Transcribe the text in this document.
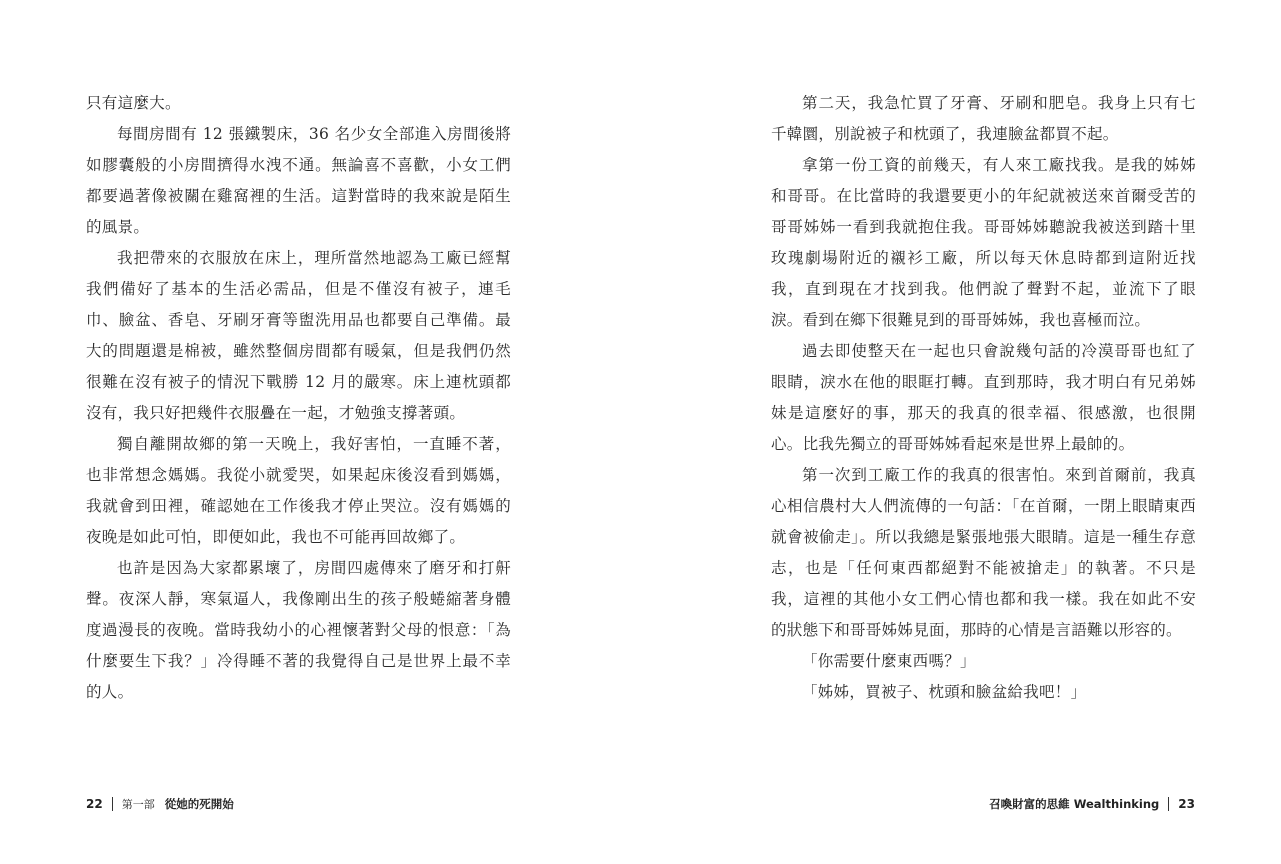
只有這麼大。

每間房間有 12 張鐵製床，36 名少女全部進入房間後將如膠囊般的小房間擠得水洩不通。無論喜不喜歡，小女工們都要過著像被關在雞窩裡的生活。這對當時的我來說是陌生的風景。

我把帶來的衣服放在床上，理所當然地認為工廠已經幫我們備好了基本的生活必需品，但是不僅沒有被子，連毛巾、臉盆、香皂、牙刷牙膏等盥洗用品也都要自己準備。最大的問題還是棉被，雖然整個房間都有暖氣，但是我們仍然很難在沒有被子的情況下戰勝 12 月的嚴寒。床上連枕頭都沒有，我只好把幾件衣服疊在一起，才勉強支撐著頭。

獨自離開故鄉的第一天晚上，我好害怕，一直睡不著，也非常想念媽媽。我從小就愛哭，如果起床後沒看到媽媽，我就會到田裡，確認她在工作後我才停止哭泣。沒有媽媽的夜晚是如此可怕，即便如此，我也不可能再回故鄉了。

也許是因為大家都累壞了，房間四處傳來了磨牙和打鼾聲。夜深人靜，寒氣逼人，我像剛出生的孩子般蜷縮著身體度過漫長的夜晚。當時我幼小的心裡懷著對父母的恨意：「為什麼要生下我？」冷得睡不著的我覺得自己是世界上最不幸的人。

第二天，我急忙買了牙膏、牙刷和肥皂。我身上只有七千韓圜，別說被子和枕頭了，我連臉盆都買不起。

拿第一份工資的前幾天，有人來工廠找我。是我的姊姊和哥哥。在比當時的我還要更小的年紀就被送來首爾受苦的哥哥姊姊一看到我就抱住我。哥哥姊姊聽說我被送到踏十里玫瑰劇場附近的襯衫工廠，所以每天休息時都到這附近找我，直到現在才找到我。他們說了聲對不起，並流下了眼淚。看到在鄉下很難見到的哥哥姊姊，我也喜極而泣。

過去即使整天在一起也只會說幾句話的冷漠哥哥也紅了眼睛，淚水在他的眼眶打轉。直到那時，我才明白有兄弟姊妹是這麼好的事，那天的我真的很幸福、很感激，也很開心。比我先獨立的哥哥姊姊看起來是世界上最帥的。

第一次到工廠工作的我真的很害怕。來到首爾前，我真心相信農村大人們流傳的一句話：「在首爾，一閉上眼睛東西就會被偷走」。所以我總是緊張地張大眼睛。這是一種生存意志，也是「任何東西都絕對不能被搶走」的執著。不只是我，這裡的其他小女工們心情也都和我一樣。我在如此不安的狀態下和哥哥姊姊見面，那時的心情是言語難以形容的。

「你需要什麼東西嗎？」

「姊姊，買被子、枕頭和臉盆給我吧！」

22 第一部 從她的死開始	召喚財富的思維 Wealthinking 23
